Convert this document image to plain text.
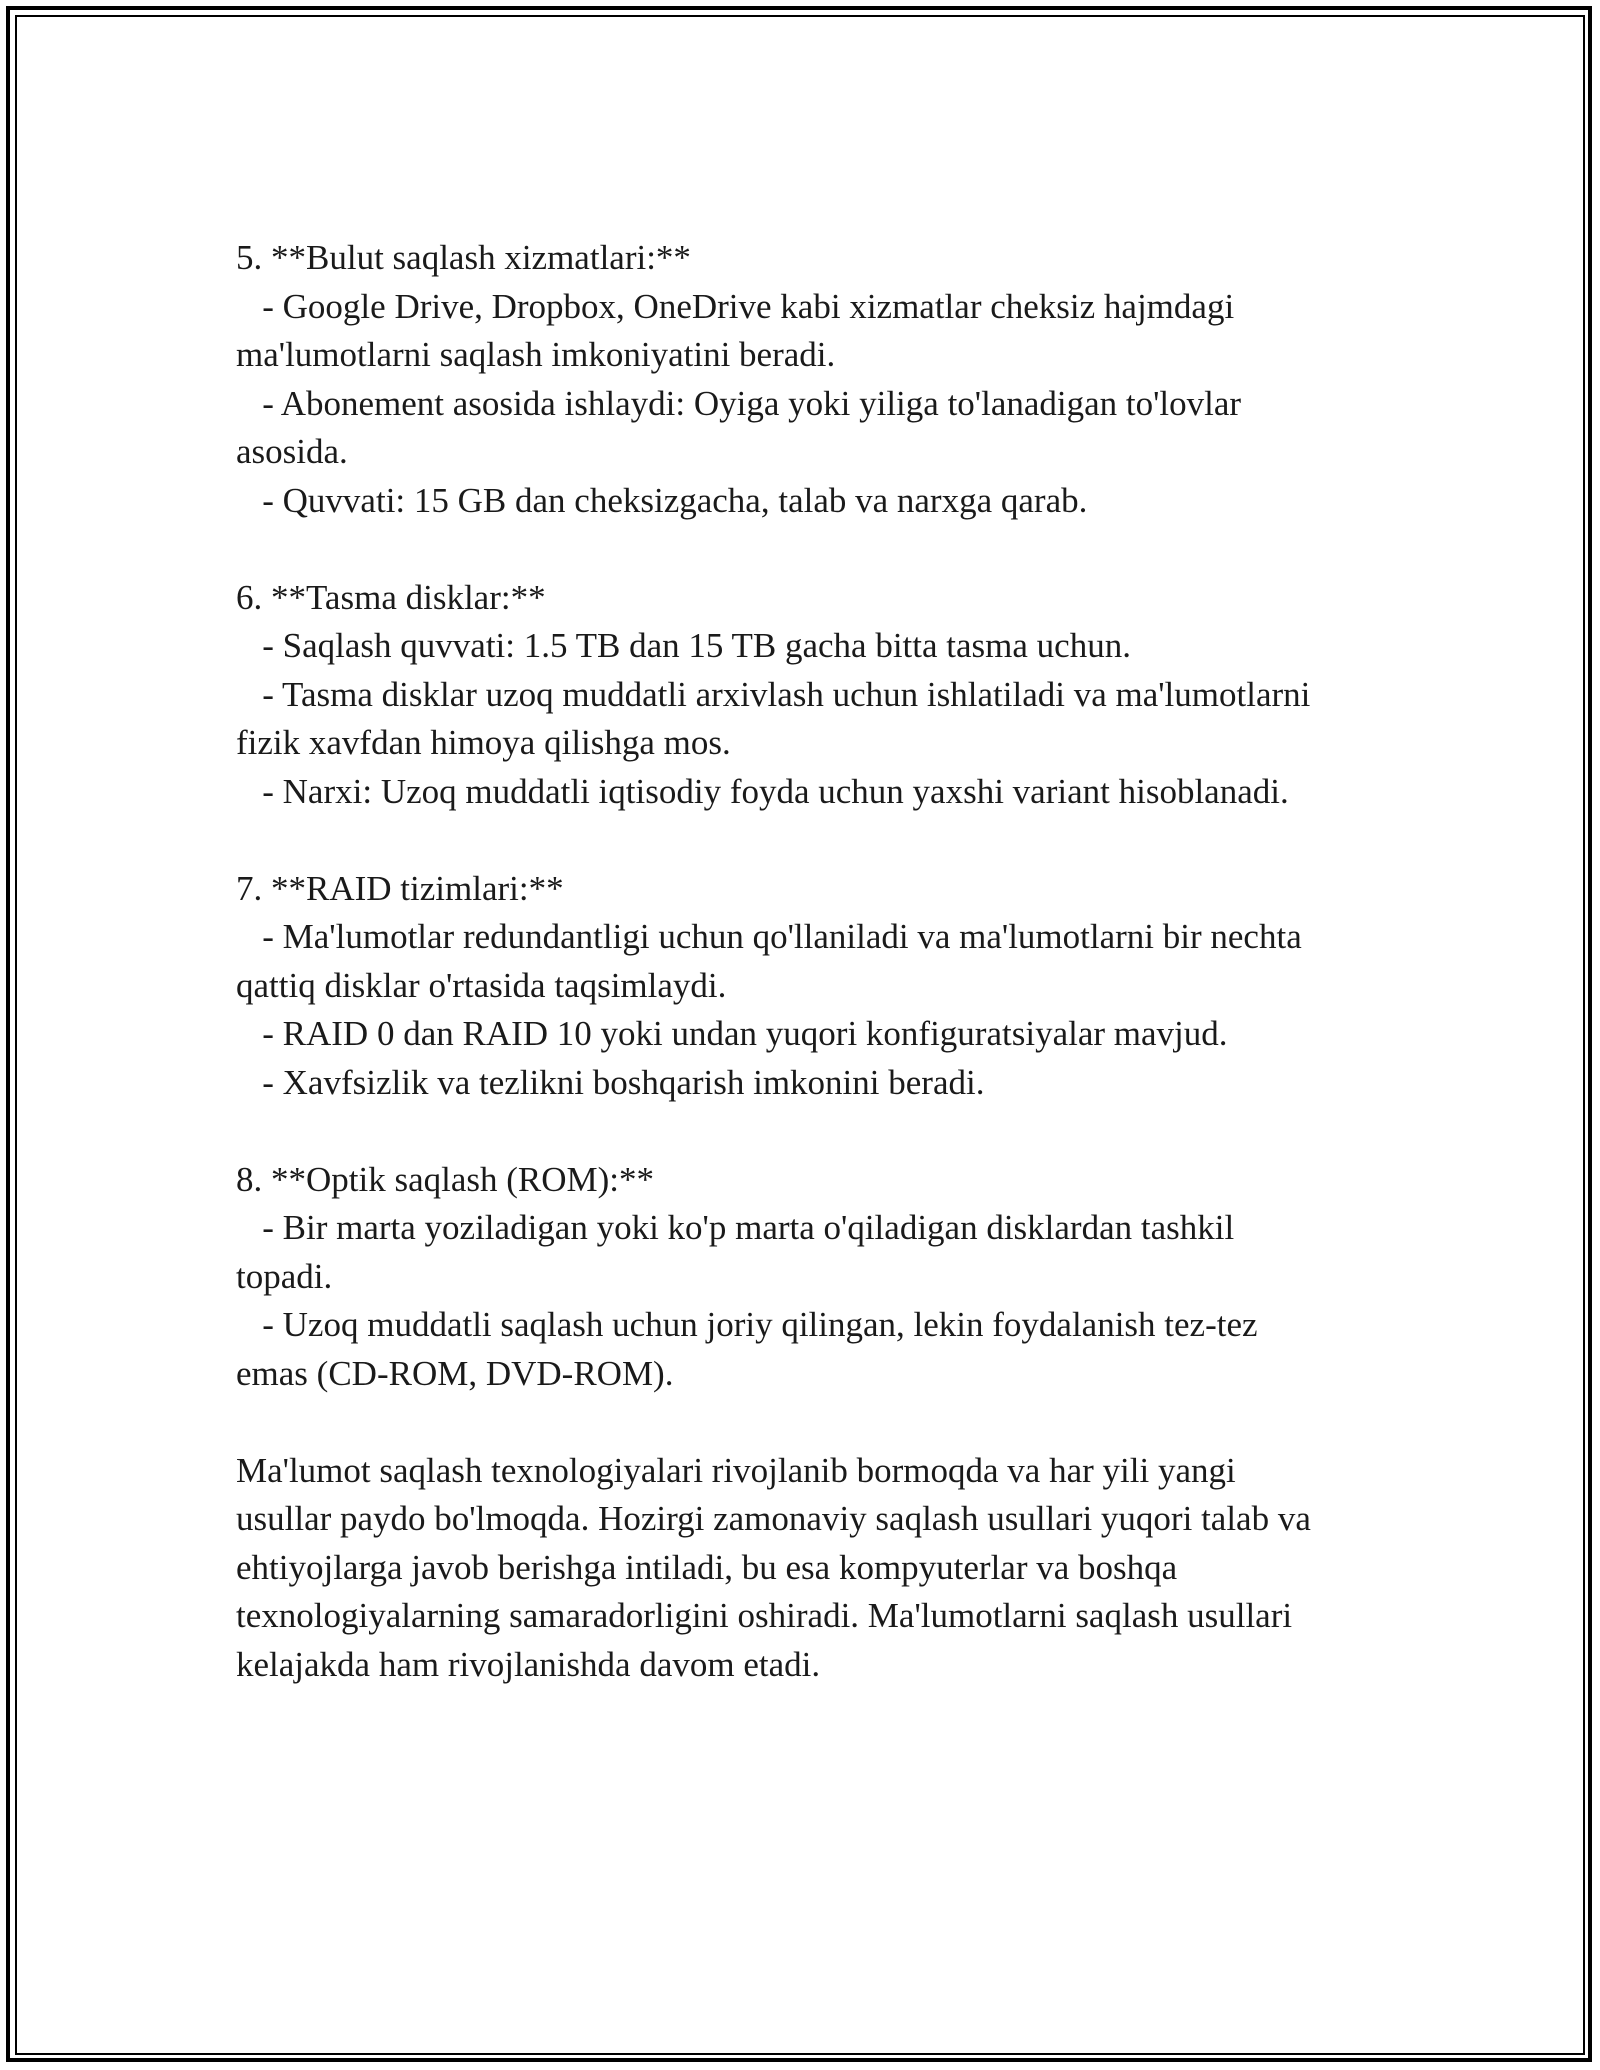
5. **Bulut saqlash xizmatlari:**
- Google Drive, Dropbox, OneDrive kabi xizmatlar cheksiz hajmdagi
ma'lumotlarni saqlash imkoniyatini beradi.
- Abonement asosida ishlaydi: Oyiga yoki yiliga to'lanadigan to'lovlar
asosida.
- Quvvati: 15 GB dan cheksizgacha, talab va narxga qarab.
6. **Tasma disklar:**
- Saqlash quvvati: 1.5 TB dan 15 TB gacha bitta tasma uchun.
- Tasma disklar uzoq muddatli arxivlash uchun ishlatiladi va ma'lumotlarni
fizik xavfdan himoya qilishga mos.
- Narxi: Uzoq muddatli iqtisodiy foyda uchun yaxshi variant hisoblanadi.
7. **RAID tizimlari:**
- Ma'lumotlar redundantligi uchun qo'llaniladi va ma'lumotlarni bir nechta
qattiq disklar o'rtasida taqsimlaydi.
- RAID 0 dan RAID 10 yoki undan yuqori konfiguratsiyalar mavjud.
- Xavfsizlik va tezlikni boshqarish imkonini beradi.
8. **Optik saqlash (ROM):**
- Bir marta yoziladigan yoki ko'p marta o'qiladigan disklardan tashkil
topadi.
- Uzoq muddatli saqlash uchun joriy qilingan, lekin foydalanish tez-tez
emas (CD-ROM, DVD-ROM).
Ma'lumot saqlash texnologiyalari rivojlanib bormoqda va har yili yangi
usullar paydo bo'lmoqda. Hozirgi zamonaviy saqlash usullari yuqori talab va
ehtiyojlarga javob berishga intiladi, bu esa kompyuterlar va boshqa
texnologiyalarning samaradorligini oshiradi. Ma'lumotlarni saqlash usullari
kelajakda ham rivojlanishda davom etadi.
